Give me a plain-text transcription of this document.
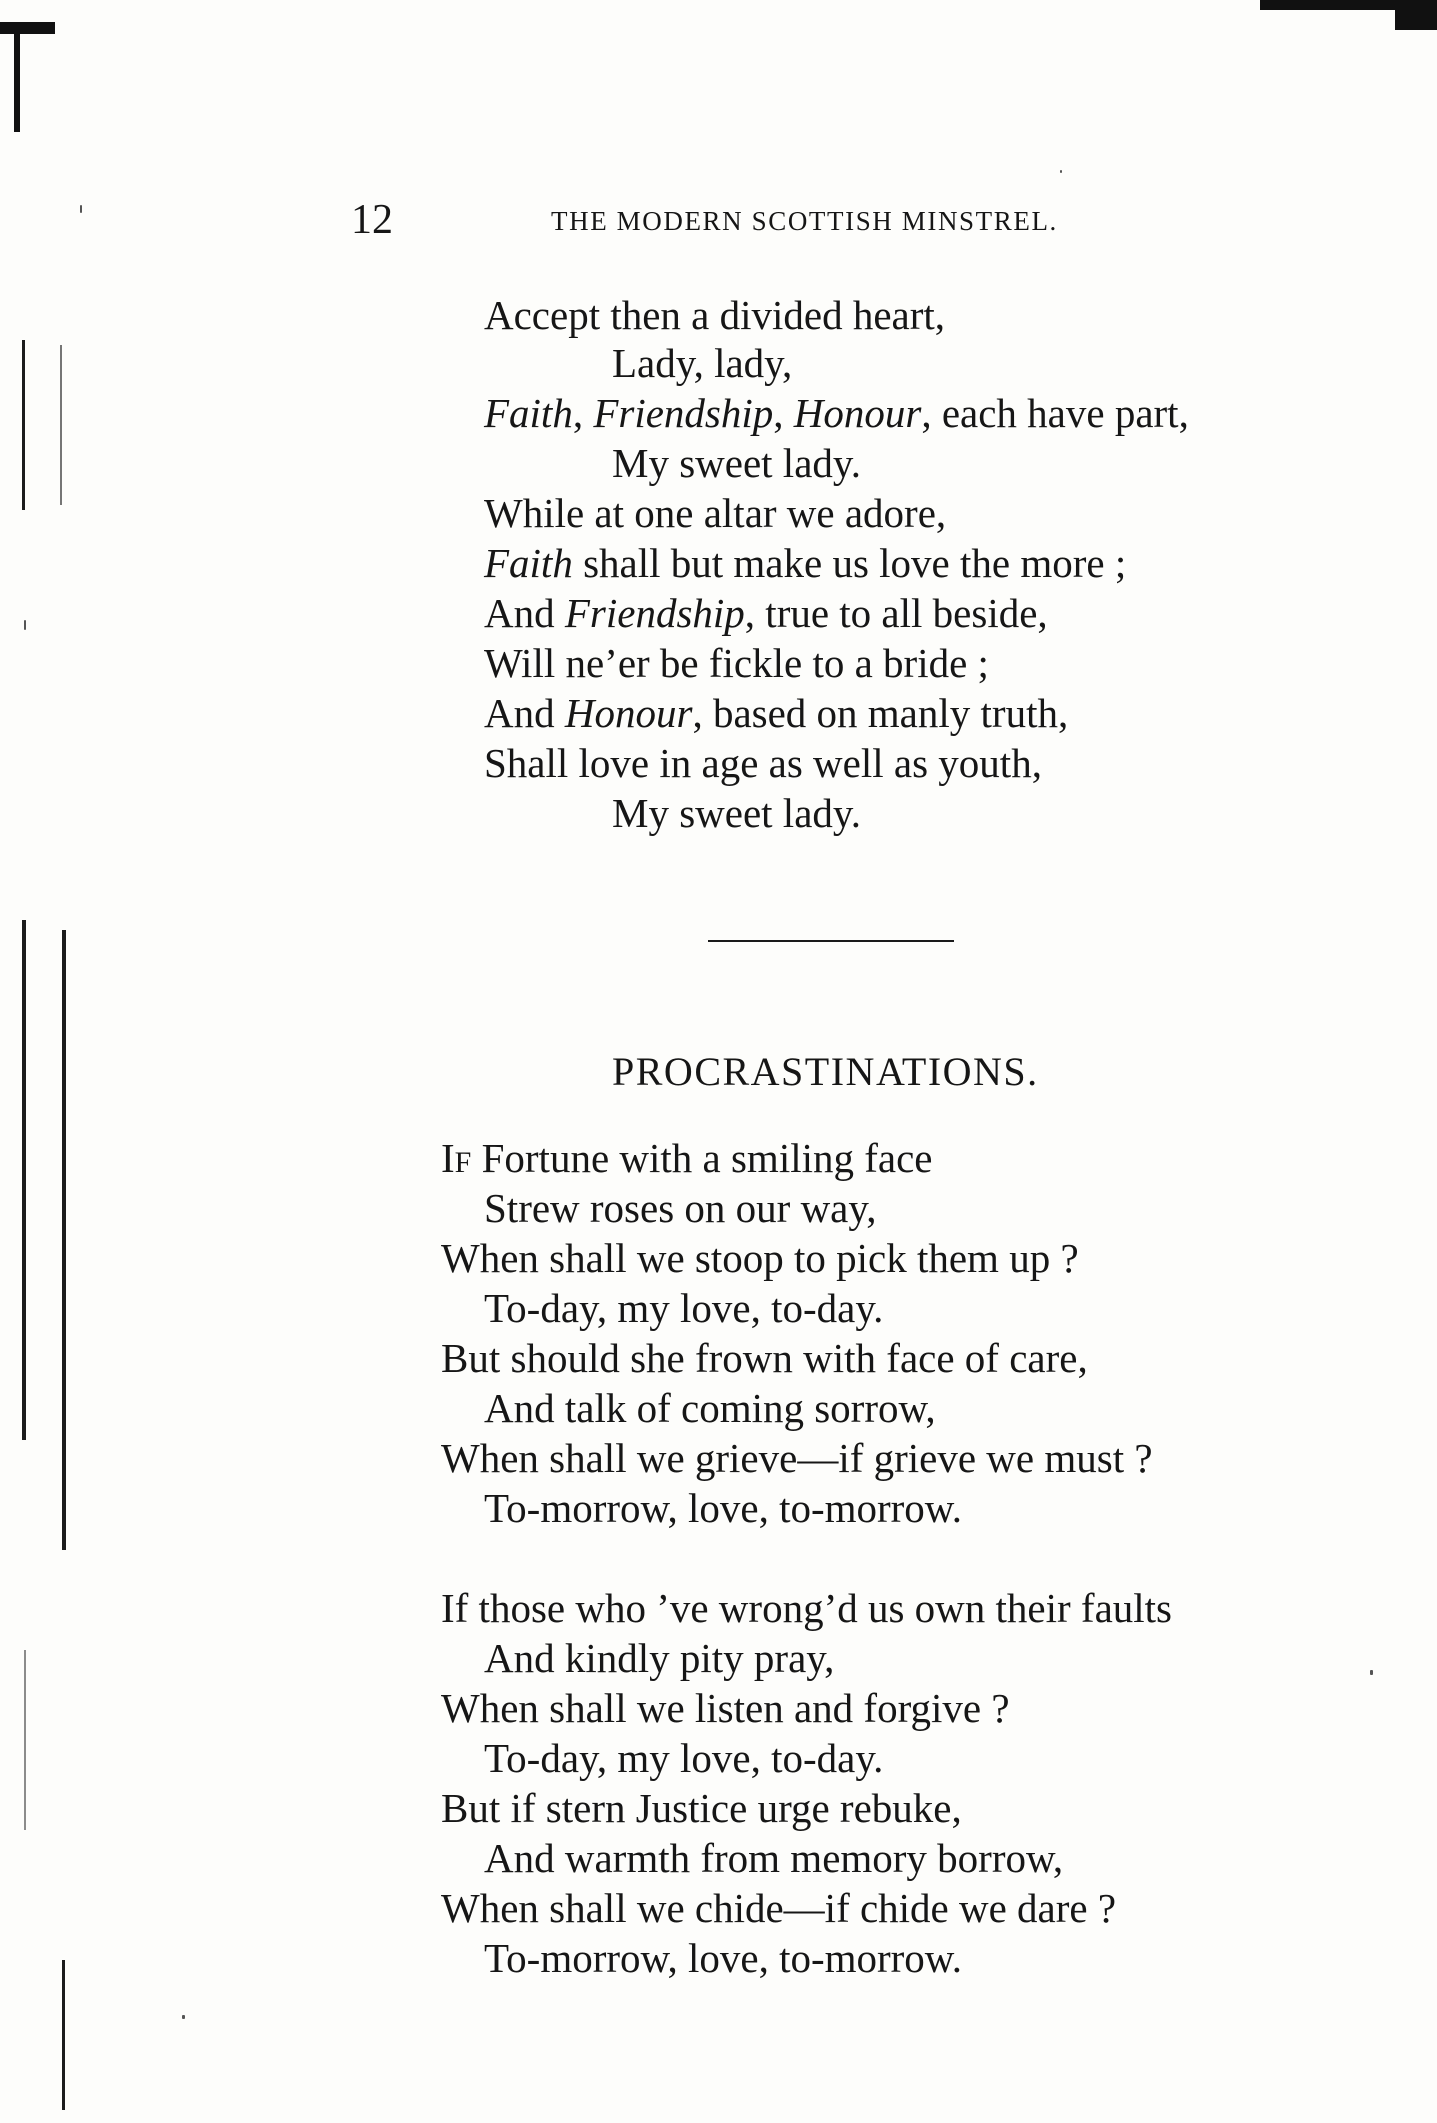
12	THE MODERN SCOTTISH MINSTREL.
Accept then a divided heart,
Lady, lady,
Faith, Friendship, Honour, each have part,
My sweet lady.
While at one altar we adore,
Faith shall but make us love the more ;
And Friendship, true to all beside,
Will ne’er be fickle to a bride ;
And Honour, based on manly truth,
Shall love in age as well as youth,
My sweet lady.
PROCRASTINATIONS.
IF Fortune with a smiling face
Strew roses on our way,
When shall we stoop to pick them up ?
To-day, my love, to-day.
But should she frown with face of care,
And talk of coming sorrow,
When shall we grieve—if grieve we must ?
To-morrow, love, to-morrow.
If those who ’ve wrong’d us own their faults
And kindly pity pray,
When shall we listen and forgive ?
To-day, my love, to-day.
But if stern Justice urge rebuke,
And warmth from memory borrow,
When shall we chide—if chide we dare ?
To-morrow, love, to-morrow.
